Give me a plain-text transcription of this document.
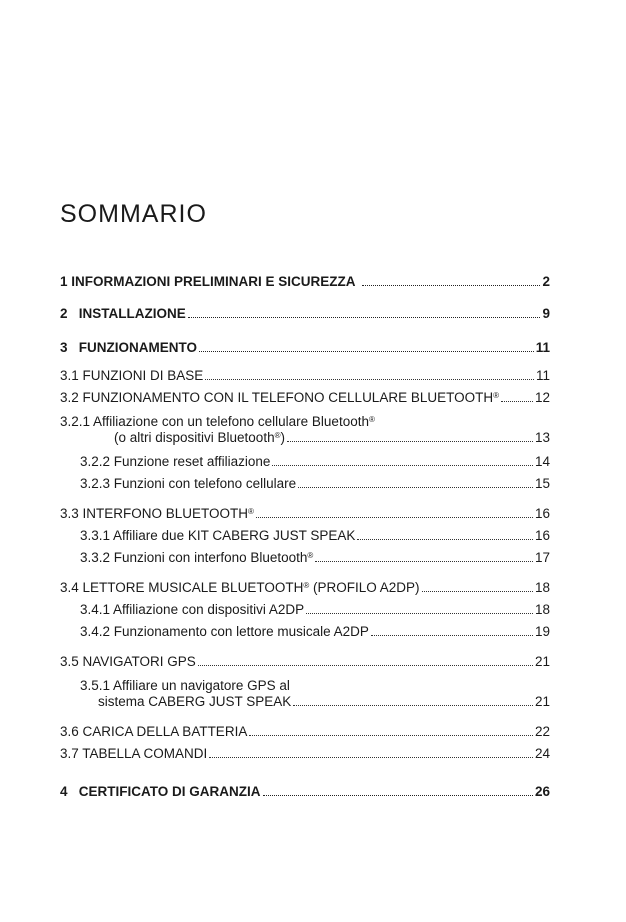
SOMMARIO
1 INFORMAZIONI PRELIMINARI E SICUREZZA	2
2   INSTALLAZIONE	9
3   FUNZIONAMENTO	11
3.1 FUNZIONI DI BASE	11
3.2 FUNZIONAMENTO CON IL TELEFONO CELLULARE BLUETOOTH®	12
3.2.1 Affiliazione con un telefono cellulare Bluetooth®
(o altri dispositivi Bluetooth®)	13
3.2.2 Funzione reset affiliazione	14
3.2.3 Funzioni con telefono cellulare	15
3.3 INTERFONO BLUETOOTH®	16
3.3.1 Affiliare due KIT CABERG JUST SPEAK	16
3.3.2 Funzioni con interfono Bluetooth®	17
3.4 LETTORE MUSICALE BLUETOOTH® (PROFILO A2DP)	18
3.4.1 Affiliazione con dispositivi A2DP	18
3.4.2 Funzionamento con lettore musicale A2DP	19
3.5 NAVIGATORI GPS	21
3.5.1 Affiliare un navigatore GPS al
sistema CABERG JUST SPEAK	21
3.6 CARICA DELLA BATTERIA	22
3.7 TABELLA COMANDI	24
4   CERTIFICATO DI GARANZIA	26
